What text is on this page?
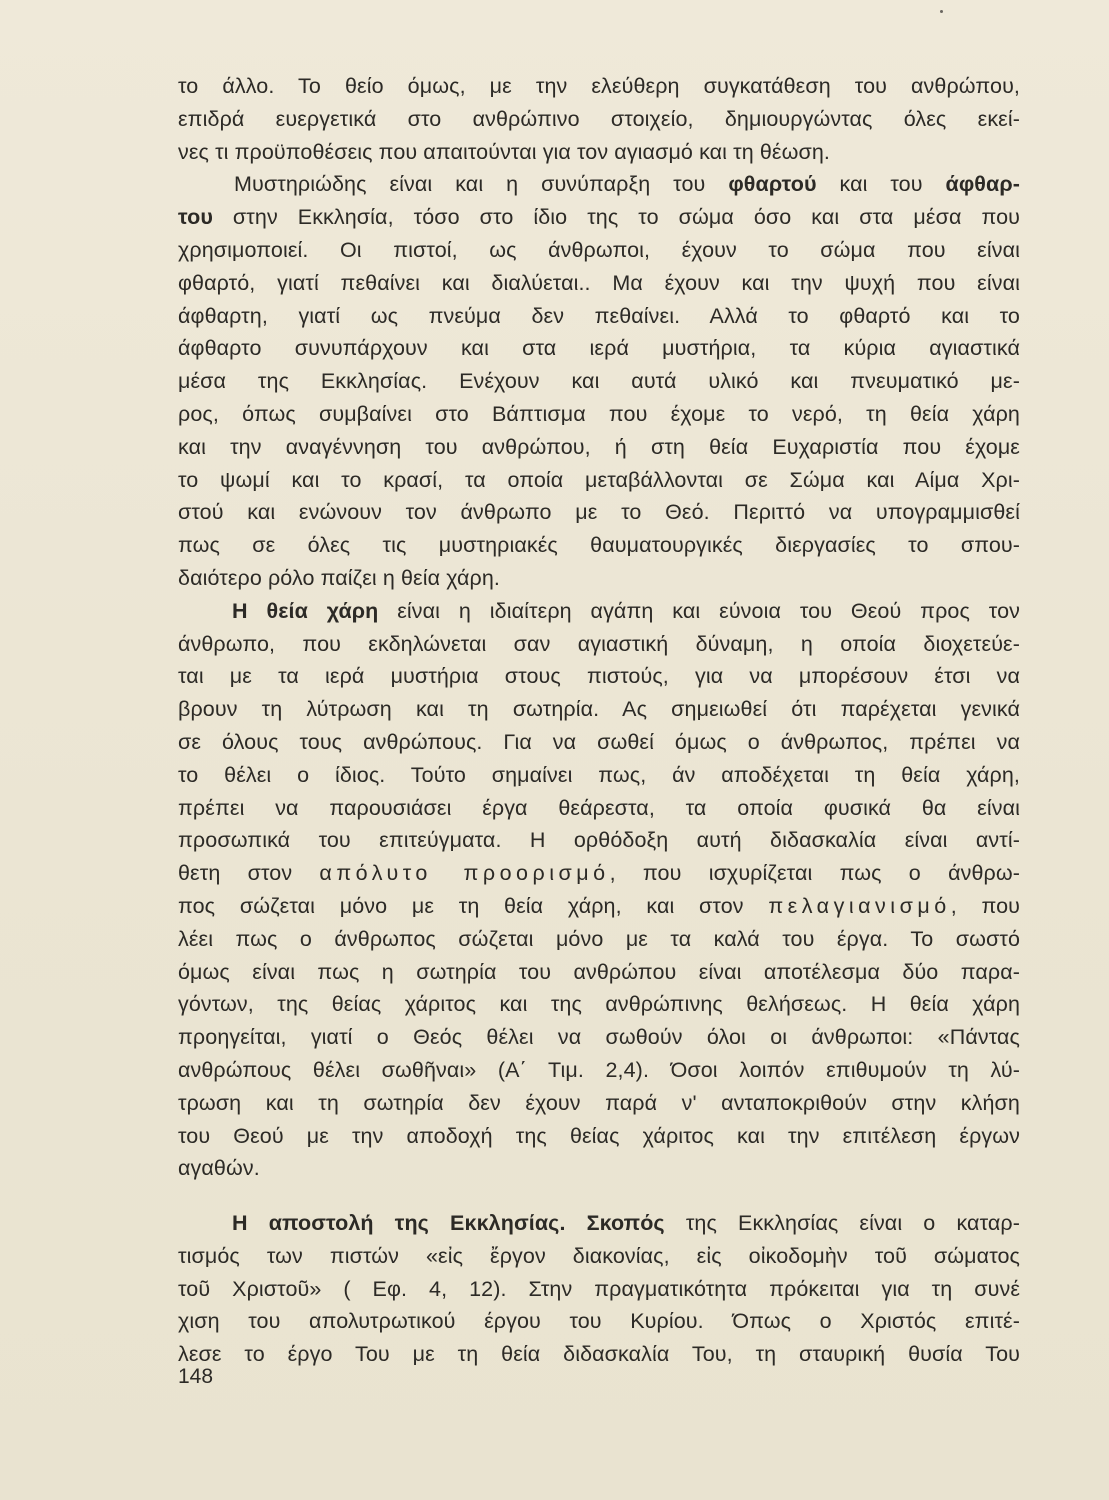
το άλλο. Το θείο όμως, με την ελεύθερη συγκατάθεση του ανθρώπου,
επιδρά ευεργετικά στο ανθρώπινο στοιχείο, δημιουργώντας όλες εκεί-
νες τι προϋποθέσεις που απαιτούνται για τον αγιασμό και τη θέωση.
Μυστηριώδης είναι και η συνύπαρξη του φθαρτού και του άφθαρ-
του στην Εκκλησία, τόσο στο ίδιο της το σώμα όσο και στα μέσα που
χρησιμοποιεί. Οι πιστοί, ως άνθρωποι, έχουν το σώμα που είναι
φθαρτό, γιατί πεθαίνει και διαλύεται.. Μα έχουν και την ψυχή που είναι
άφθαρτη, γιατί ως πνεύμα δεν πεθαίνει. Αλλά το φθαρτό και το
άφθαρτο συνυπάρχουν και στα ιερά μυστήρια, τα κύρια αγιαστικά
μέσα της Εκκλησίας. Ενέχουν και αυτά υλικό και πνευματικό με-
ρος, όπως συμβαίνει στο Βάπτισμα που έχομε το νερό, τη θεία χάρη
και την αναγέννηση του ανθρώπου, ή στη θεία Ευχαριστία που έχομε
το ψωμί και το κρασί, τα οποία μεταβάλλονται σε Σώμα και Αίμα Χρι-
στού και ενώνουν τον άνθρωπο με το Θεό. Περιττό να υπογραμμισθεί
πως σε όλες τις μυστηριακές θαυματουργικές διεργασίες το σπου-
δαιότερο ρόλο παίζει η θεία χάρη.
Η θεία χάρη είναι η ιδιαίτερη αγάπη και εύνοια του Θεού προς τον
άνθρωπο, που εκδηλώνεται σαν αγιαστική δύναμη, η οποία διοχετεύε-
ται με τα ιερά μυστήρια στους πιστούς, για να μπορέσουν έτσι να
βρουν τη λύτρωση και τη σωτηρία. Ας σημειωθεί ότι παρέχεται γενικά
σε όλους τους ανθρώπους. Για να σωθεί όμως ο άνθρωπος, πρέπει να
το θέλει ο ίδιος. Τούτο σημαίνει πως, άν αποδέχεται τη θεία χάρη,
πρέπει να παρουσιάσει έργα θεάρεστα, τα οποία φυσικά θα είναι
προσωπικά του επιτεύγματα. Η ορθόδοξη αυτή διδασκαλία είναι αντί-
θετη στον απόλυτο προορισμό, που ισχυρίζεται πως ο άνθρω-
πος σώζεται μόνο με τη θεία χάρη, και στον πελαγιανισμό, που
λέει πως ο άνθρωπος σώζεται μόνο με τα καλά του έργα. Το σωστό
όμως είναι πως η σωτηρία του ανθρώπου είναι αποτέλεσμα δύο παρα-
γόντων, της θείας χάριτος και της ανθρώπινης θελήσεως. Η θεία χάρη
προηγείται, γιατί ο Θεός θέλει να σωθούν όλοι οι άνθρωποι: «Πάντας
ανθρώπους θέλει σωθῆναι» (Α΄ Τιμ. 2,4). Όσοι λοιπόν επιθυμούν τη λύ-
τρωση και τη σωτηρία δεν έχουν παρά ν' ανταποκριθούν στην κλήση
του Θεού με την αποδοχή της θείας χάριτος και την επιτέλεση έργων
αγαθών.
Η αποστολή της Εκκλησίας. Σκοπός της Εκκλησίας είναι ο καταρ-
τισμός των πιστών «εἰς ἔργον διακονίας, εἰς οἰκοδομὴν τοῦ σώματος
τοῦ Χριστοῦ» ( Εφ. 4, 12). Στην πραγματικότητα πρόκειται για τη συνέ
χιση του απολυτρωτικού έργου του Κυρίου. Όπως ο Χριστός επιτέ-
λεσε το έργο Του με τη θεία διδασκαλία Του, τη σταυρική θυσία Του
148
